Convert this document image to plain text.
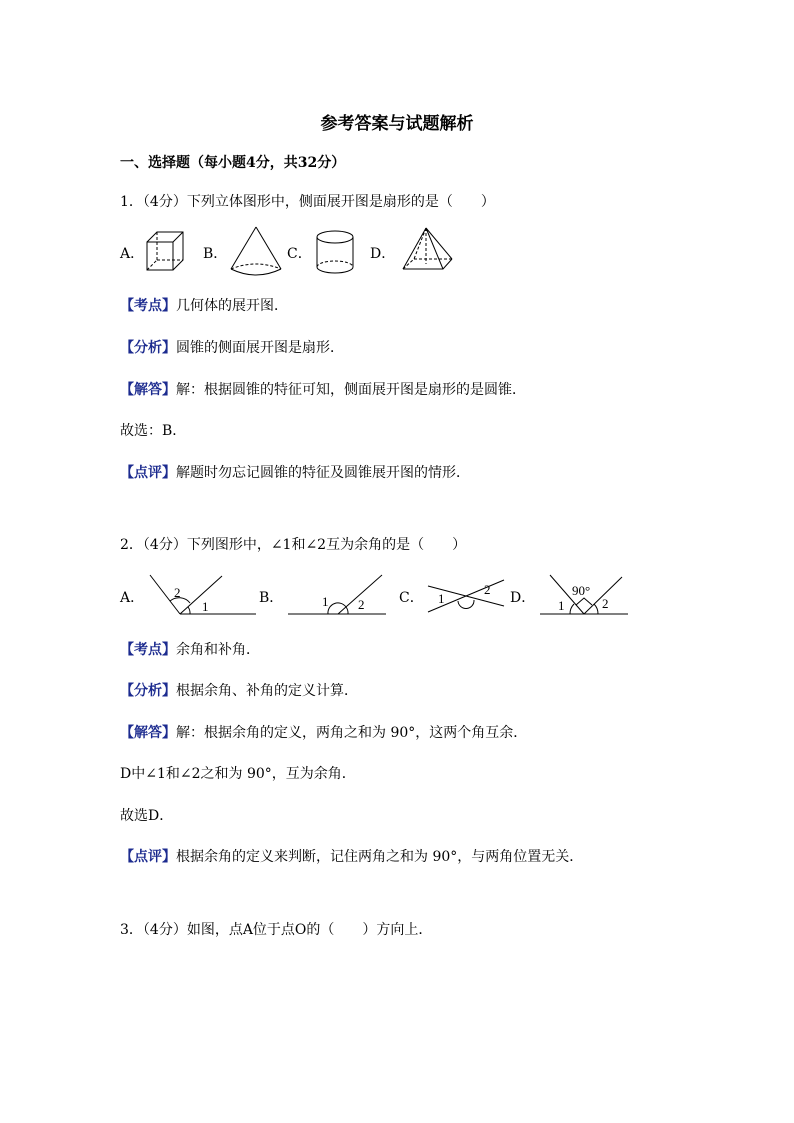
参考答案与试题解析
一、选择题（每小题4分，共32分）
1．（4分）下列立体图形中，侧面展开图是扇形的是（　　）
A．	B．	C．	D．
【考点】几何体的展开图．
【分析】圆锥的侧面展开图是扇形．
【解答】解：根据圆锥的特征可知，侧面展开图是扇形的是圆锥．
故选：B．
【点评】解题时勿忘记圆锥的特征及圆锥展开图的情形．
2．（4分）下列图形中，∠1和∠2互为余角的是（　　）
A． 2
1
B．	1 2 C． 1
2
D．	90°
1	2
【考点】余角和补角．
【分析】根据余角、补角的定义计算．
【解答】解：根据余角的定义，两角之和为 90°，这两个角互余．
D中∠1和∠2之和为 90°，互为余角．
故选D．
【点评】根据余角的定义来判断，记住两角之和为 90°，与两角位置无关．
3．（4分）如图，点A位于点O的（　　）方向上．
